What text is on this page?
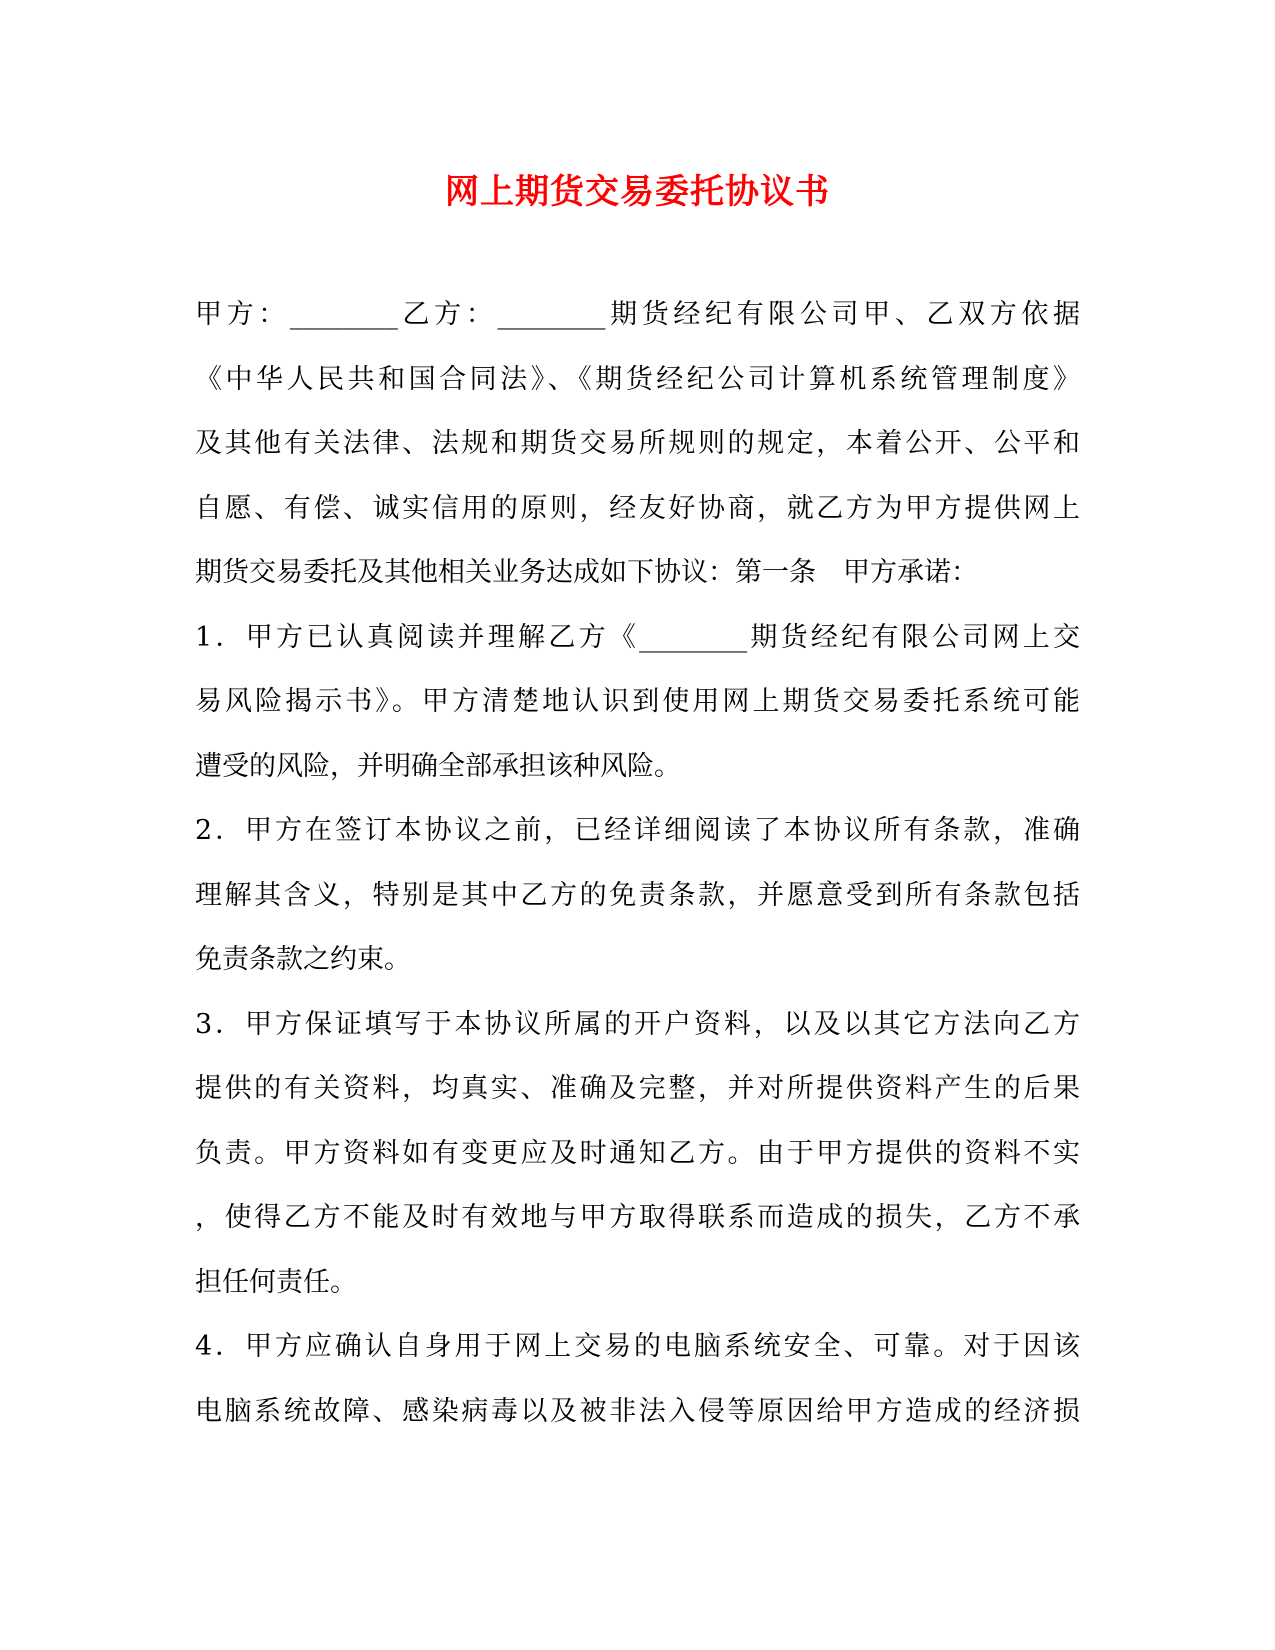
网上期货交易委托协议书
甲方：________乙方：________期货经纪有限公司甲、乙双方依据
《中华人民共和国合同法》、《期货经纪公司计算机系统管理制度》
及其他有关法律、法规和期货交易所规则的规定，本着公开、公平和
自愿、有偿、诚实信用的原则，经友好协商，就乙方为甲方提供网上
期货交易委托及其他相关业务达成如下协议：第一条　甲方承诺：
1．甲方已认真阅读并理解乙方《________期货经纪有限公司网上交
易风险揭示书》。甲方清楚地认识到使用网上期货交易委托系统可能
遭受的风险，并明确全部承担该种风险。
2．甲方在签订本协议之前，已经详细阅读了本协议所有条款，准确
理解其含义，特别是其中乙方的免责条款，并愿意受到所有条款包括
免责条款之约束。
3．甲方保证填写于本协议所属的开户资料，以及以其它方法向乙方
提供的有关资料，均真实、准确及完整，并对所提供资料产生的后果
负责。甲方资料如有变更应及时通知乙方。由于甲方提供的资料不实
，使得乙方不能及时有效地与甲方取得联系而造成的损失，乙方不承
担任何责任。
4．甲方应确认自身用于网上交易的电脑系统安全、可靠。对于因该
电脑系统故障、感染病毒以及被非法入侵等原因给甲方造成的经济损
